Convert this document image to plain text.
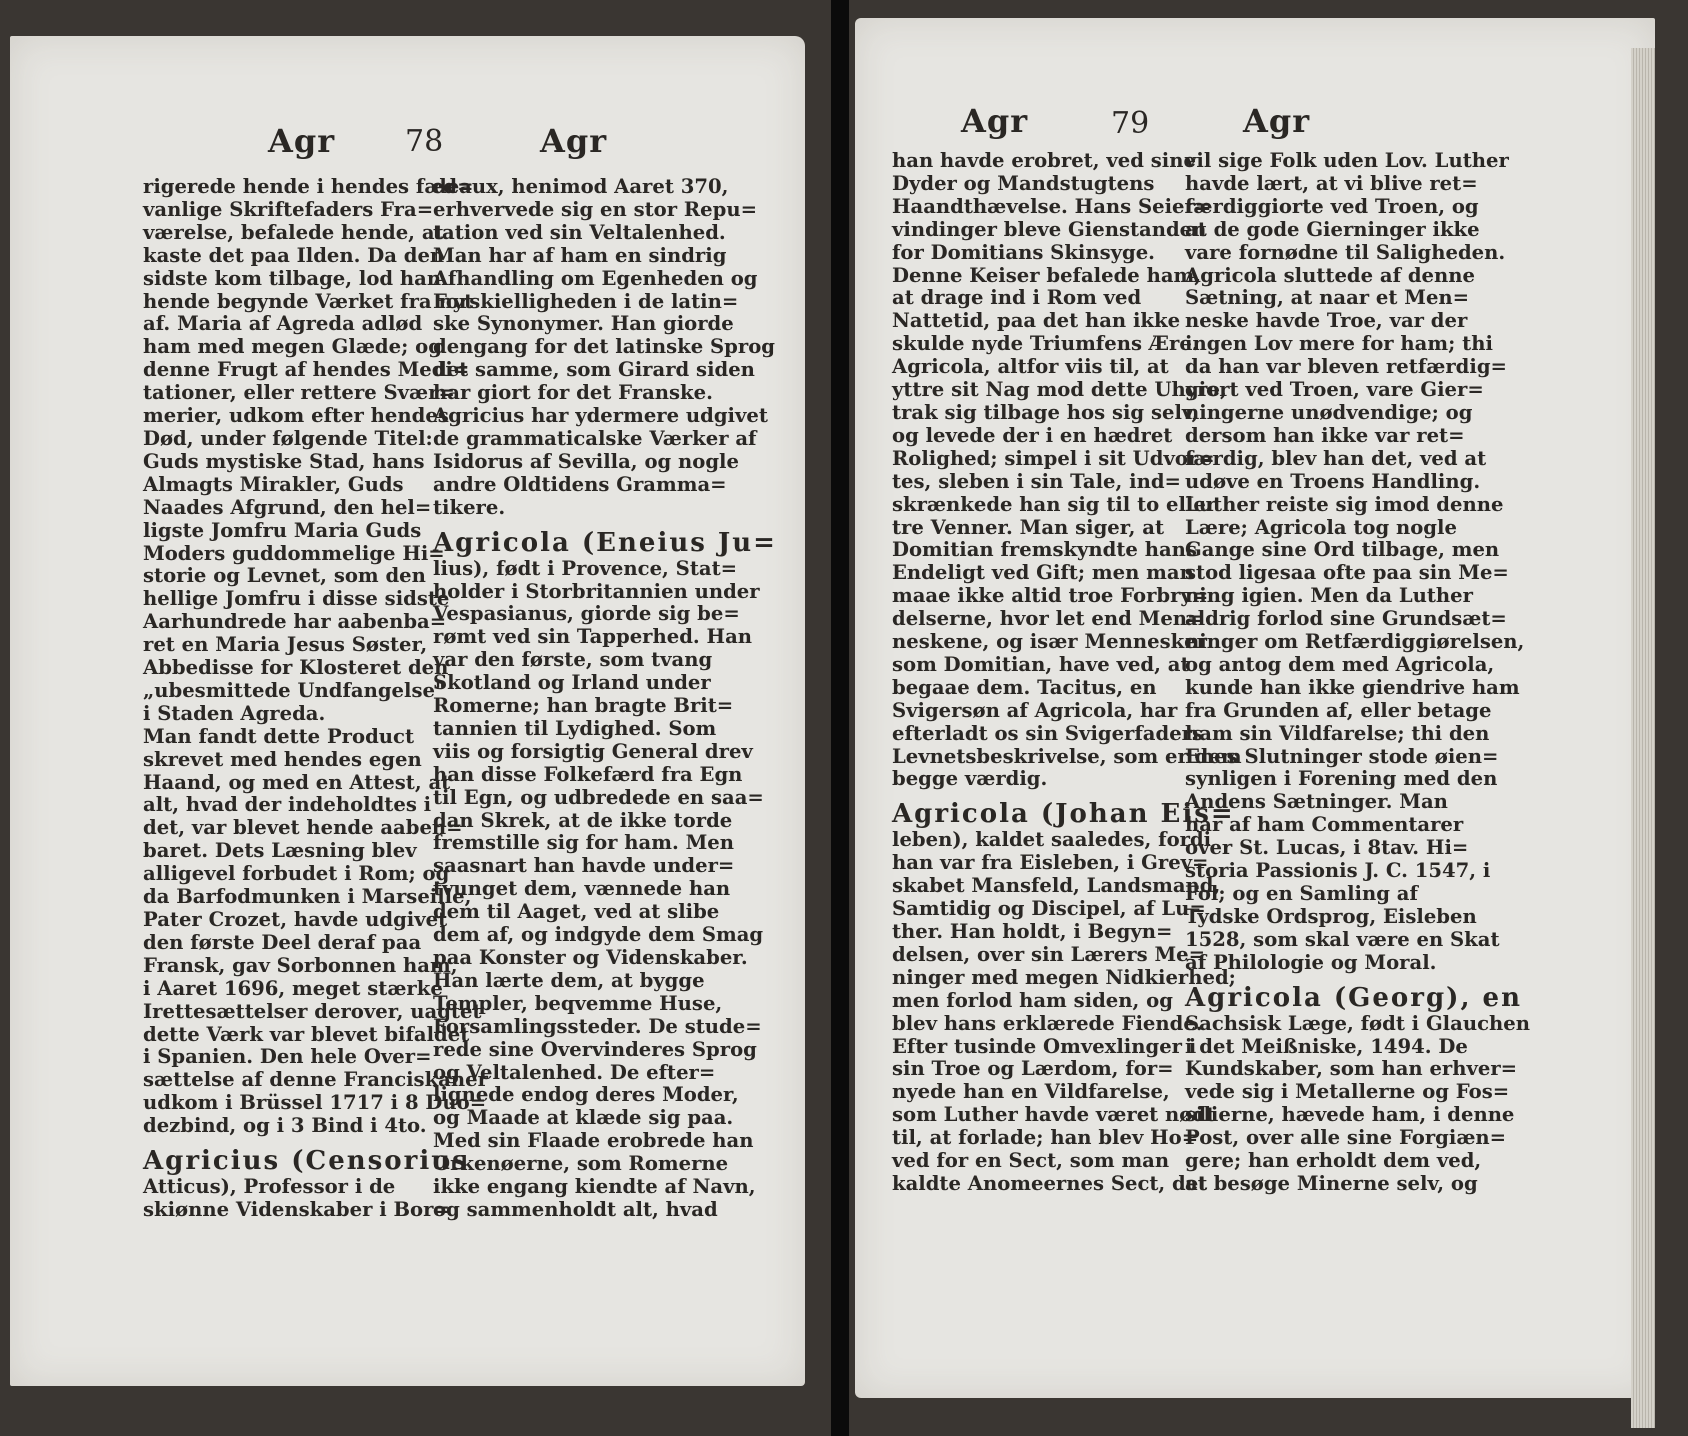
Agr 78	Agr
rigerede hende i hendes fæd=
vanlige Skriftefaders Fra=
værelse, befalede hende, at
kaste det paa Ilden. Da den
sidste kom tilbage, lod han
hende begynde Værket fra nyt
af. Maria af Agreda adlød
ham med megen Glæde; og
denne Frugt af hendes Medi=
tationer, eller rettere Svær=
merier, udkom efter hendes
Død, under følgende Titel:
Guds mystiske Stad, hans
Almagts Mirakler, Guds
Naades Afgrund, den hel=
ligste Jomfru Maria Guds
Moders guddommelige Hi=
storie og Levnet, som den
hellige Jomfru i disse sidste
Aarhundrede har aabenba=
ret en Maria Jesus Søster,
Abbedisse for Klosteret den
„ubesmittede Undfangelse"
i Staden Agreda.
Man fandt dette Product
skrevet med hendes egen
Haand, og med en Attest, at
alt, hvad der indeholdtes i
det, var blevet hende aaben=
baret. Dets Læsning blev
alligevel forbudet i Rom; og
da Barfodmunken i Marseille,
Pater Crozet, havde udgivet
den første Deel deraf paa
Fransk, gav Sorbonnen ham,
i Aaret 1696, meget stærke
Irettesættelser derover, uagtet
dette Værk var blevet bifaldet
i Spanien. Den hele Over=
sættelse af denne Franciskaner
udkom i Brüssel 1717 i 8 Duo=
dezbind, og i 3 Bind i 4to.
Agricius (Censorius
Atticus), Professor i de
skiønne Videnskaber i Bor=
deaux, henimod Aaret 370,
erhvervede sig en stor Repu=
tation ved sin Veltalenhed.
Man har af ham en sindrig
Afhandling om Egenheden og
Forskielligheden i de latin=
ske Synonymer. Han giorde
dengang for det latinske Sprog
det samme, som Girard siden
har giort for det Franske.
Agricius har ydermere udgivet
de grammaticalske Værker af
Isidorus af Sevilla, og nogle
andre Oldtidens Gramma=
tikere.
Agricola (Eneius Ju=
lius), født i Provence, Stat=
holder i Storbritannien under
Vespasianus, giorde sig be=
rømt ved sin Tapperhed. Han
var den første, som tvang
Skotland og Irland under
Romerne; han bragte Brit=
tannien til Lydighed. Som
viis og forsigtig General drev
han disse Folkefærd fra Egn
til Egn, og udbredede en saa=
dan Skrek, at de ikke torde
fremstille sig for ham. Men
saasnart han havde under=
tvunget dem, vænnede han
dem til Aaget, ved at slibe
dem af, og indgyde dem Smag
paa Konster og Videnskaber.
Han lærte dem, at bygge
Templer, beqvemme Huse,
Forsamlingssteder. De stude=
rede sine Overvinderes Sprog
og Veltalenhed. De efter=
lignede endog deres Moder,
og Maade at klæde sig paa.
Med sin Flaade erobrede han
Orkenøerne, som Romerne
ikke engang kiendte af Navn,
og sammenholdt alt, hvad
Agr	79	Agr
han havde erobret, ved sine
Dyder og Mandstugtens
Haandthævelse. Hans Seier=
vindinger bleve Gienstanden
for Domitians Skinsyge.
Denne Keiser befalede ham,
at drage ind i Rom ved
Nattetid, paa det han ikke
skulde nyde Triumfens Ære.
Agricola, altfor viis til, at
yttre sit Nag mod dette Uhyre,
trak sig tilbage hos sig selv,
og levede der i en hædret
Rolighed; simpel i sit Udvor=
tes, sleben i sin Tale, ind=
skrænkede han sig til to eller
tre Venner. Man siger, at
Domitian fremskyndte hans
Endeligt ved Gift; men man
maae ikke altid troe Forbry=
delserne, hvor let end Men=
neskene, og især Mennesker
som Domitian, have ved, at
begaae dem. Tacitus, en
Svigersøn af Agricola, har
efterladt os sin Svigerfaders
Levnetsbeskrivelse, som er dem
begge værdig.
Agricola (Johan Eis=
leben), kaldet saaledes, fordi
han var fra Eisleben, i Grev=
skabet Mansfeld, Landsmand,
Samtidig og Discipel, af Lu=
ther. Han holdt, i Begyn=
delsen, over sin Lærers Me=
ninger med megen Nidkierhed;
men forlod ham siden, og
blev hans erklærede Fiende.
Efter tusinde Omvexlinger i
sin Troe og Lærdom, for=
nyede han en Vildfarelse,
som Luther havde været nødt
til, at forlade; han blev Ho=
ved for en Sect, som man
kaldte Anomeernes Sect, det
vil sige Folk uden Lov. Luther
havde lært, at vi blive ret=
færdiggiorte ved Troen, og
at de gode Gierninger ikke
vare fornødne til Saligheden.
Agricola sluttede af denne
Sætning, at naar et Men=
neske havde Troe, var der
ingen Lov mere for ham; thi
da han var bleven retfærdig=
giort ved Troen, vare Gier=
ningerne unødvendige; og
dersom han ikke var ret=
færdig, blev han det, ved at
udøve en Troens Handling.
Luther reiste sig imod denne
Lære; Agricola tog nogle
Gange sine Ord tilbage, men
stod ligesaa ofte paa sin Me=
ning igien. Men da Luther
aldrig forlod sine Grundsæt=
ninger om Retfærdiggiørelsen,
og antog dem med Agricola,
kunde han ikke giendrive ham
fra Grunden af, eller betage
ham sin Vildfarelse; thi den
Enes Slutninger stode øien=
synligen i Forening med den
Andens Sætninger. Man
har af ham Commentarer
over St. Lucas, i 8tav. Hi=
storia Passionis J. C. 1547, i
Fol; og en Samling af
Tydske Ordsprog, Eisleben
1528, som skal være en Skat
af Philologie og Moral.
Agricola (Georg), en
Sachsisk Læge, født i Glauchen
i det Meißniske, 1494. De
Kundskaber, som han erhver=
vede sig i Metallerne og Fos=
silierne, hævede ham, i denne
Post, over alle sine Forgiæn=
gere; han erholdt dem ved,
at besøge Minerne selv, og
